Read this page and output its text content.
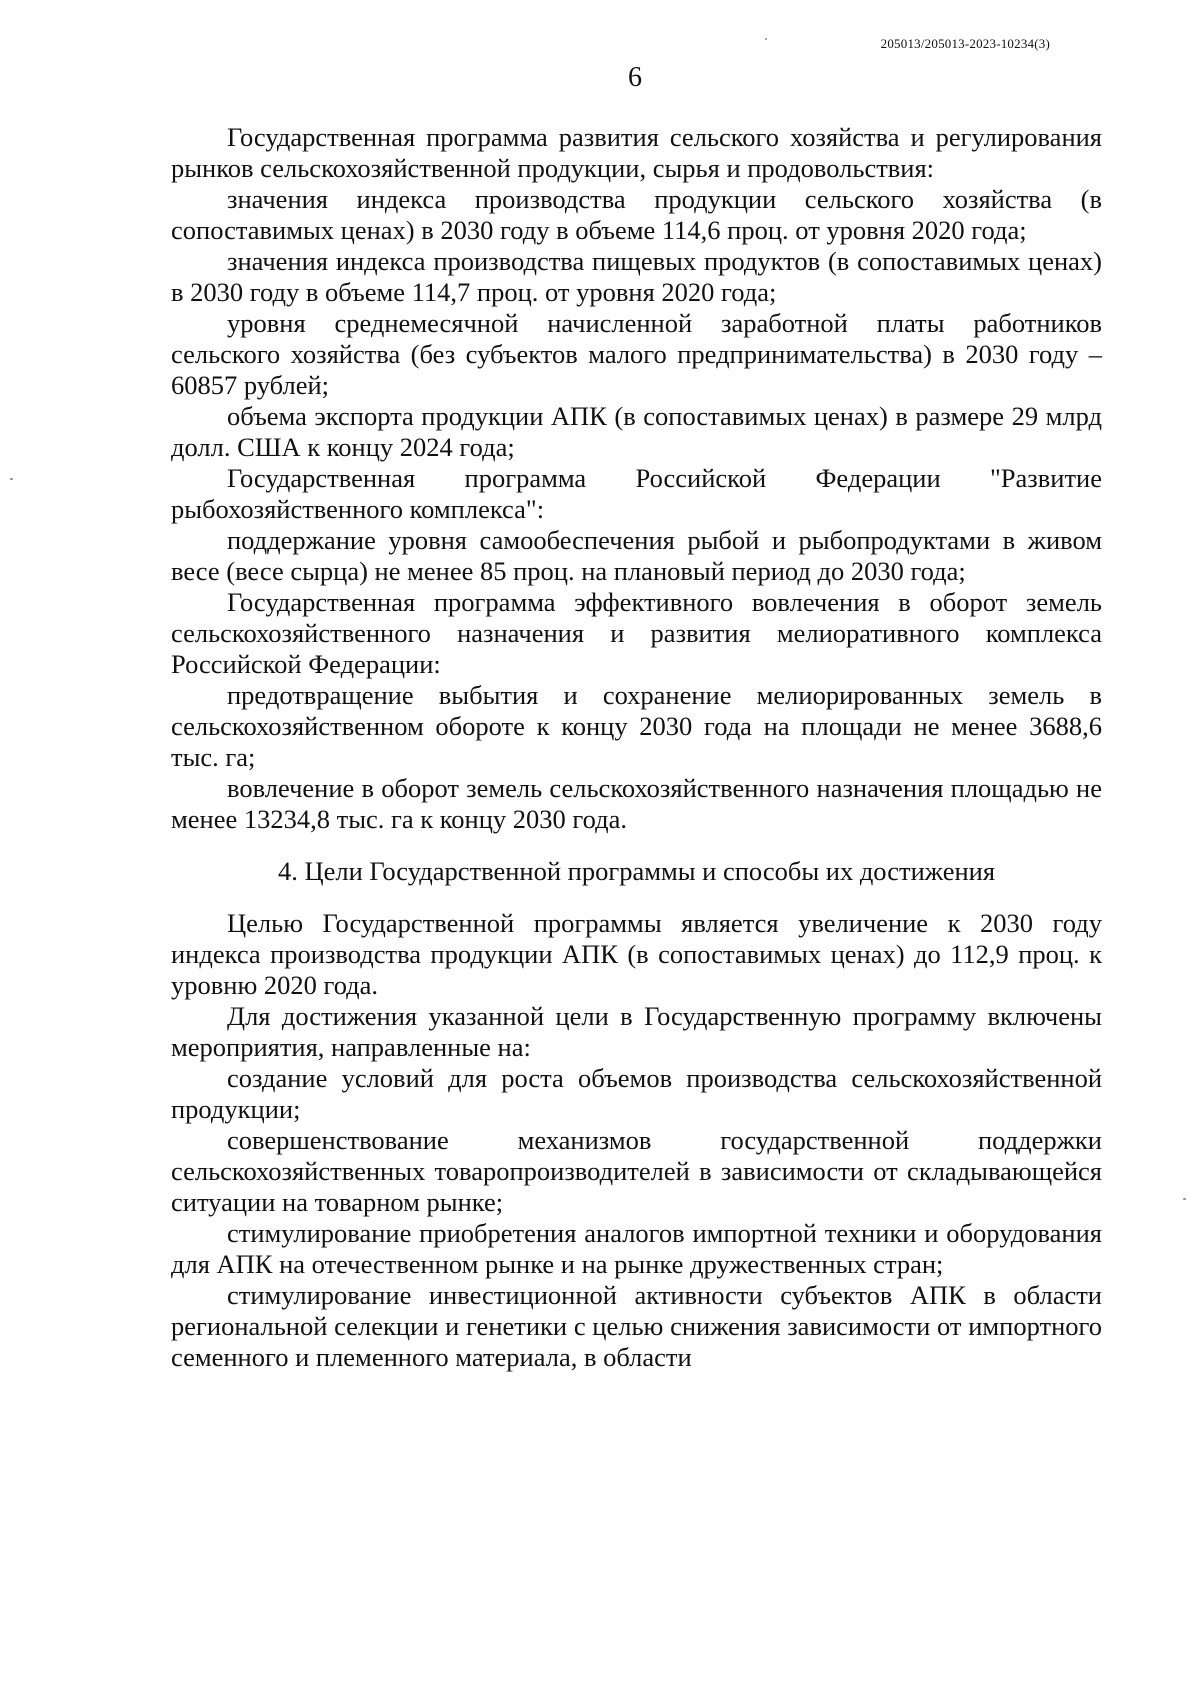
205013/205013-2023-10234(3)
6

Государственная программа развития сельского хозяйства и регулирования рынков сельскохозяйственной продукции, сырья и продовольствия:

значения индекса производства продукции сельского хозяйства (в сопоставимых ценах) в 2030 году в объеме 114,6 проц. от уровня 2020 года;

значения индекса производства пищевых продуктов (в сопоставимых ценах) в 2030 году в объеме 114,7 проц. от уровня 2020 года;

уровня среднемесячной начисленной заработной платы работников сельского хозяйства (без субъектов малого предпринимательства) в 2030 году – 60857 рублей;

объема экспорта продукции АПК (в сопоставимых ценах) в размере 29 млрд долл. США к концу 2024 года;

Государственная программа Российской Федерации "Развитие рыбохозяйственного комплекса":

поддержание уровня самообеспечения рыбой и рыбопродуктами в живом весе (весе сырца) не менее 85 проц. на плановый период до 2030 года;

Государственная программа эффективного вовлечения в оборот земель сельскохозяйственного назначения и развития мелиоративного комплекса Российской Федерации:

предотвращение выбытия и сохранение мелиорированных земель в сельскохозяйственном обороте к концу 2030 года на площади не менее 3688,6 тыс. га;

вовлечение в оборот земель сельскохозяйственного назначения площадью не менее 13234,8 тыс. га к концу 2030 года.

4. Цели Государственной программы и способы их достижения

Целью Государственной программы является увеличение к 2030 году индекса производства продукции АПК (в сопоставимых ценах) до 112,9 проц. к уровню 2020 года.

Для достижения указанной цели в Государственную программу включены мероприятия, направленные на:

создание условий для роста объемов производства сельскохозяйственной продукции;

совершенствование механизмов государственной поддержки сельскохозяйственных товаропроизводителей в зависимости от складывающейся ситуации на товарном рынке;

стимулирование приобретения аналогов импортной техники и оборудования для АПК на отечественном рынке и на рынке дружественных стран;

стимулирование инвестиционной активности субъектов АПК в области региональной селекции и генетики с целью снижения зависимости от импортного семенного и племенного материала, в области
